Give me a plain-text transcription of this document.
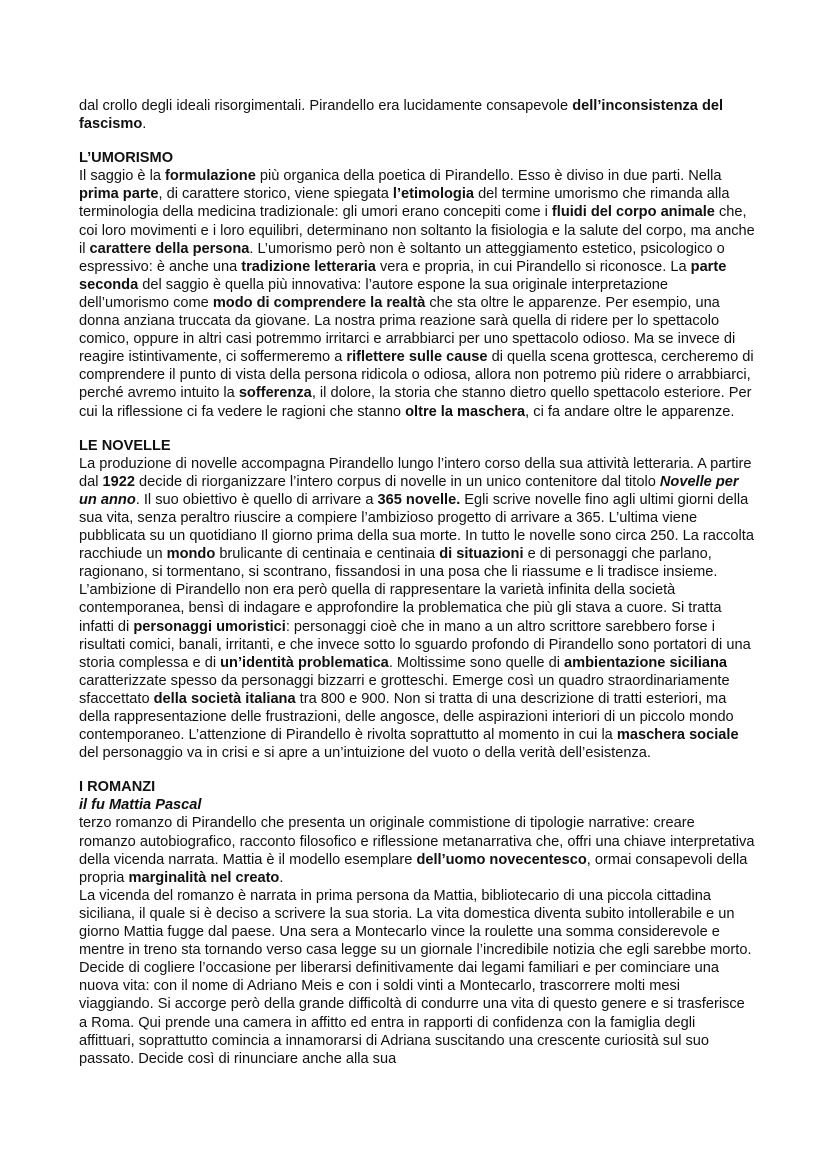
dal crollo degli ideali risorgimentali. Pirandello era lucidamente consapevole dell’inconsistenza del fascismo.

L’UMORISMO

Il saggio è la formulazione più organica della poetica di Pirandello. Esso è diviso in due parti. Nella prima parte, di carattere storico, viene spiegata l’etimologia del termine umorismo che rimanda alla terminologia della medicina tradizionale: gli umori erano concepiti come i fluidi del corpo animale che, coi loro movimenti e i loro equilibri, determinano non soltanto la fisiologia e la salute del corpo, ma anche il carattere della persona. L’umorismo però non è soltanto un atteggiamento estetico, psicologico o espressivo: è anche una tradizione letteraria vera e propria, in cui Pirandello si riconosce. La parte seconda del saggio è quella più innovativa: l’autore espone la sua originale interpretazione dell’umorismo come modo di comprendere la realtà che sta oltre le apparenze. Per esempio, una donna anziana truccata da giovane. La nostra prima reazione sarà quella di ridere per lo spettacolo comico, oppure in altri casi potremmo irritarci e arrabbiarci per uno spettacolo odioso. Ma se invece di reagire istintivamente, ci soffermeremo a riflettere sulle cause di quella scena grottesca, cercheremo di comprendere il punto di vista della persona ridicola o odiosa, allora non potremo più ridere o arrabbiarci, perché avremo intuito la sofferenza, il dolore, la storia che stanno dietro quello spettacolo esteriore. Per cui la riflessione ci fa vedere le ragioni che stanno oltre la maschera, ci fa andare oltre le apparenze.

LE NOVELLE

La produzione di novelle accompagna Pirandello lungo l’intero corso della sua attività letteraria. A partire dal 1922 decide di riorganizzare l’intero corpus di novelle in un unico contenitore dal titolo Novelle per un anno. Il suo obiettivo è quello di arrivare a 365 novelle. Egli scrive novelle fino agli ultimi giorni della sua vita, senza peraltro riuscire a compiere l’ambizioso progetto di arrivare a 365. L’ultima viene pubblicata su un quotidiano Il giorno prima della sua morte. In tutto le novelle sono circa 250. La raccolta racchiude un mondo brulicante di centinaia e centinaia di situazioni e di personaggi che parlano, ragionano, si tormentano, si scontrano, fissandosi in una posa che li riassume e li tradisce insieme. L’ambizione di Pirandello non era però quella di rappresentare la varietà infinita della società contemporanea, bensì di indagare e approfondire la problematica che più gli stava a cuore. Si tratta infatti di personaggi umoristici: personaggi cioè che in mano a un altro scrittore sarebbero forse i risultati comici, banali, irritanti, e che invece sotto lo sguardo profondo di Pirandello sono portatori di una storia complessa e di un’identità problematica. Moltissime sono quelle di ambientazione siciliana caratterizzate spesso da personaggi bizzarri e grotteschi. Emerge così un quadro straordinariamente sfaccettato della società italiana tra 800 e 900. Non si tratta di una descrizione di tratti esteriori, ma della rappresentazione delle frustrazioni, delle angosce, delle aspirazioni interiori di un piccolo mondo contemporaneo. L’attenzione di Pirandello è rivolta soprattutto al momento in cui la maschera sociale del personaggio va in crisi e si apre a un’intuizione del vuoto o della verità dell’esistenza.

I ROMANZI
il fu Mattia Pascal

terzo romanzo di Pirandello che presenta un originale commistione di tipologie narrative: creare romanzo autobiografico, racconto filosofico e riflessione metanarrativa che, offri una chiave interpretativa della vicenda narrata. Mattia è il modello esemplare dell’uomo novecentesco, ormai consapevoli della propria marginalità nel creato.

La vicenda del romanzo è narrata in prima persona da Mattia, bibliotecario di una piccola cittadina siciliana, il quale si è deciso a scrivere la sua storia. La vita domestica diventa subito intollerabile e un giorno Mattia fugge dal paese. Una sera a Montecarlo vince la roulette una somma considerevole e mentre in treno sta tornando verso casa legge su un giornale l’incredibile notizia che egli sarebbe morto. Decide di cogliere l’occasione per liberarsi definitivamente dai legami familiari e per cominciare una nuova vita: con il nome di Adriano Meis e con i soldi vinti a Montecarlo, trascorrere molti mesi viaggiando. Si accorge però della grande difficoltà di condurre una vita di questo genere e si trasferisce a Roma. Qui prende una camera in affitto ed entra in rapporti di confidenza con la famiglia degli affittuari, soprattutto comincia a innamorarsi di Adriana suscitando una crescente curiosità sul suo passato. Decide così di rinunciare anche alla sua
